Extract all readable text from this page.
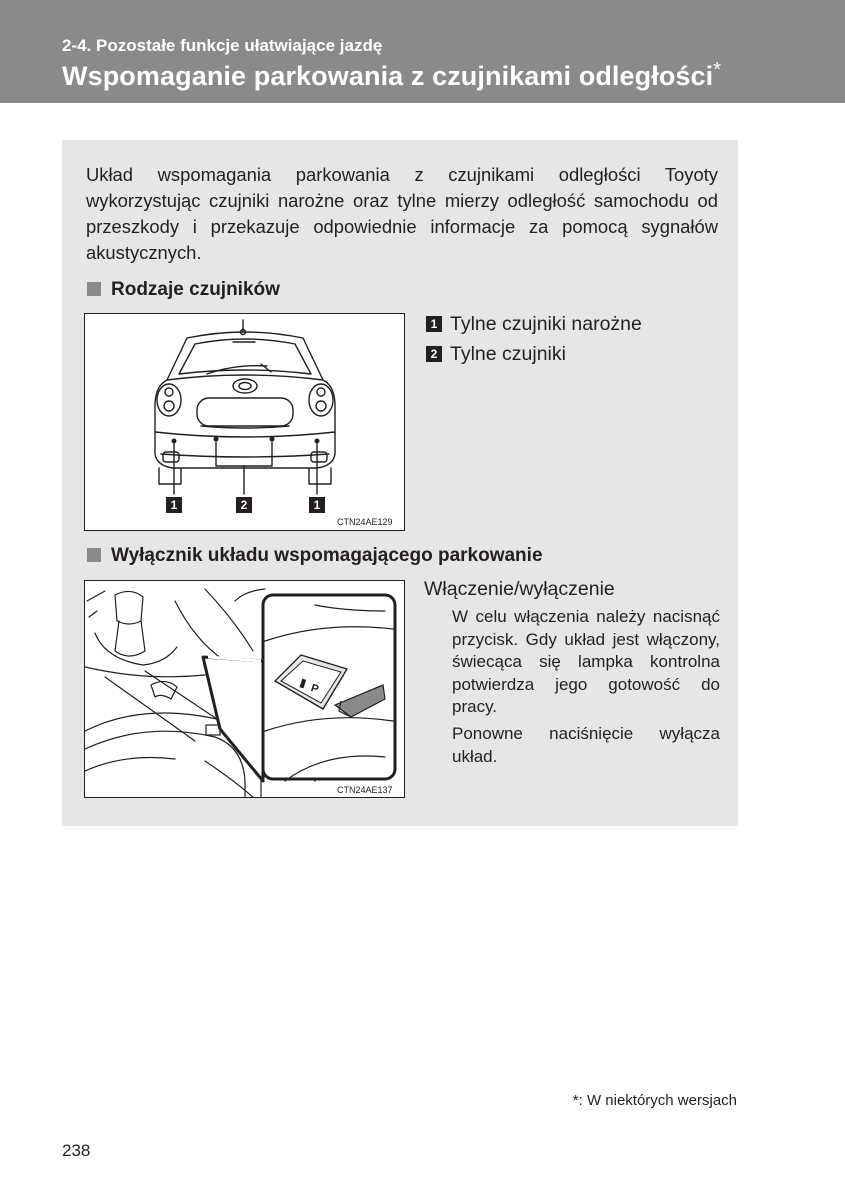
2-4. Pozostałe funkcje ułatwiające jazdę
Wspomaganie parkowania z czujnikami odległości*
Układ wspomagania parkowania z czujnikami odległości Toyoty wykorzystując czujniki narożne oraz tylne mierzy odległość samochodu od przeszkody i przekazuje odpowiednie informacje za pomocą sygnałów akustycznych.
Rodzaje czujników
1	2	1
CTN24AE129
1 Tylne czujniki narożne
2 Tylne czujniki
Wyłącznik układu wspomagającego parkowanie
P
CTN24AE137
Włączenie/wyłączenie
W celu włączenia należy nacisnąć przycisk. Gdy układ jest włączony, świecąca się lampka kontrolna potwierdza jego gotowość do pracy.
Ponowne naciśnięcie wyłącza układ.
*: W niektórych wersjach
238
